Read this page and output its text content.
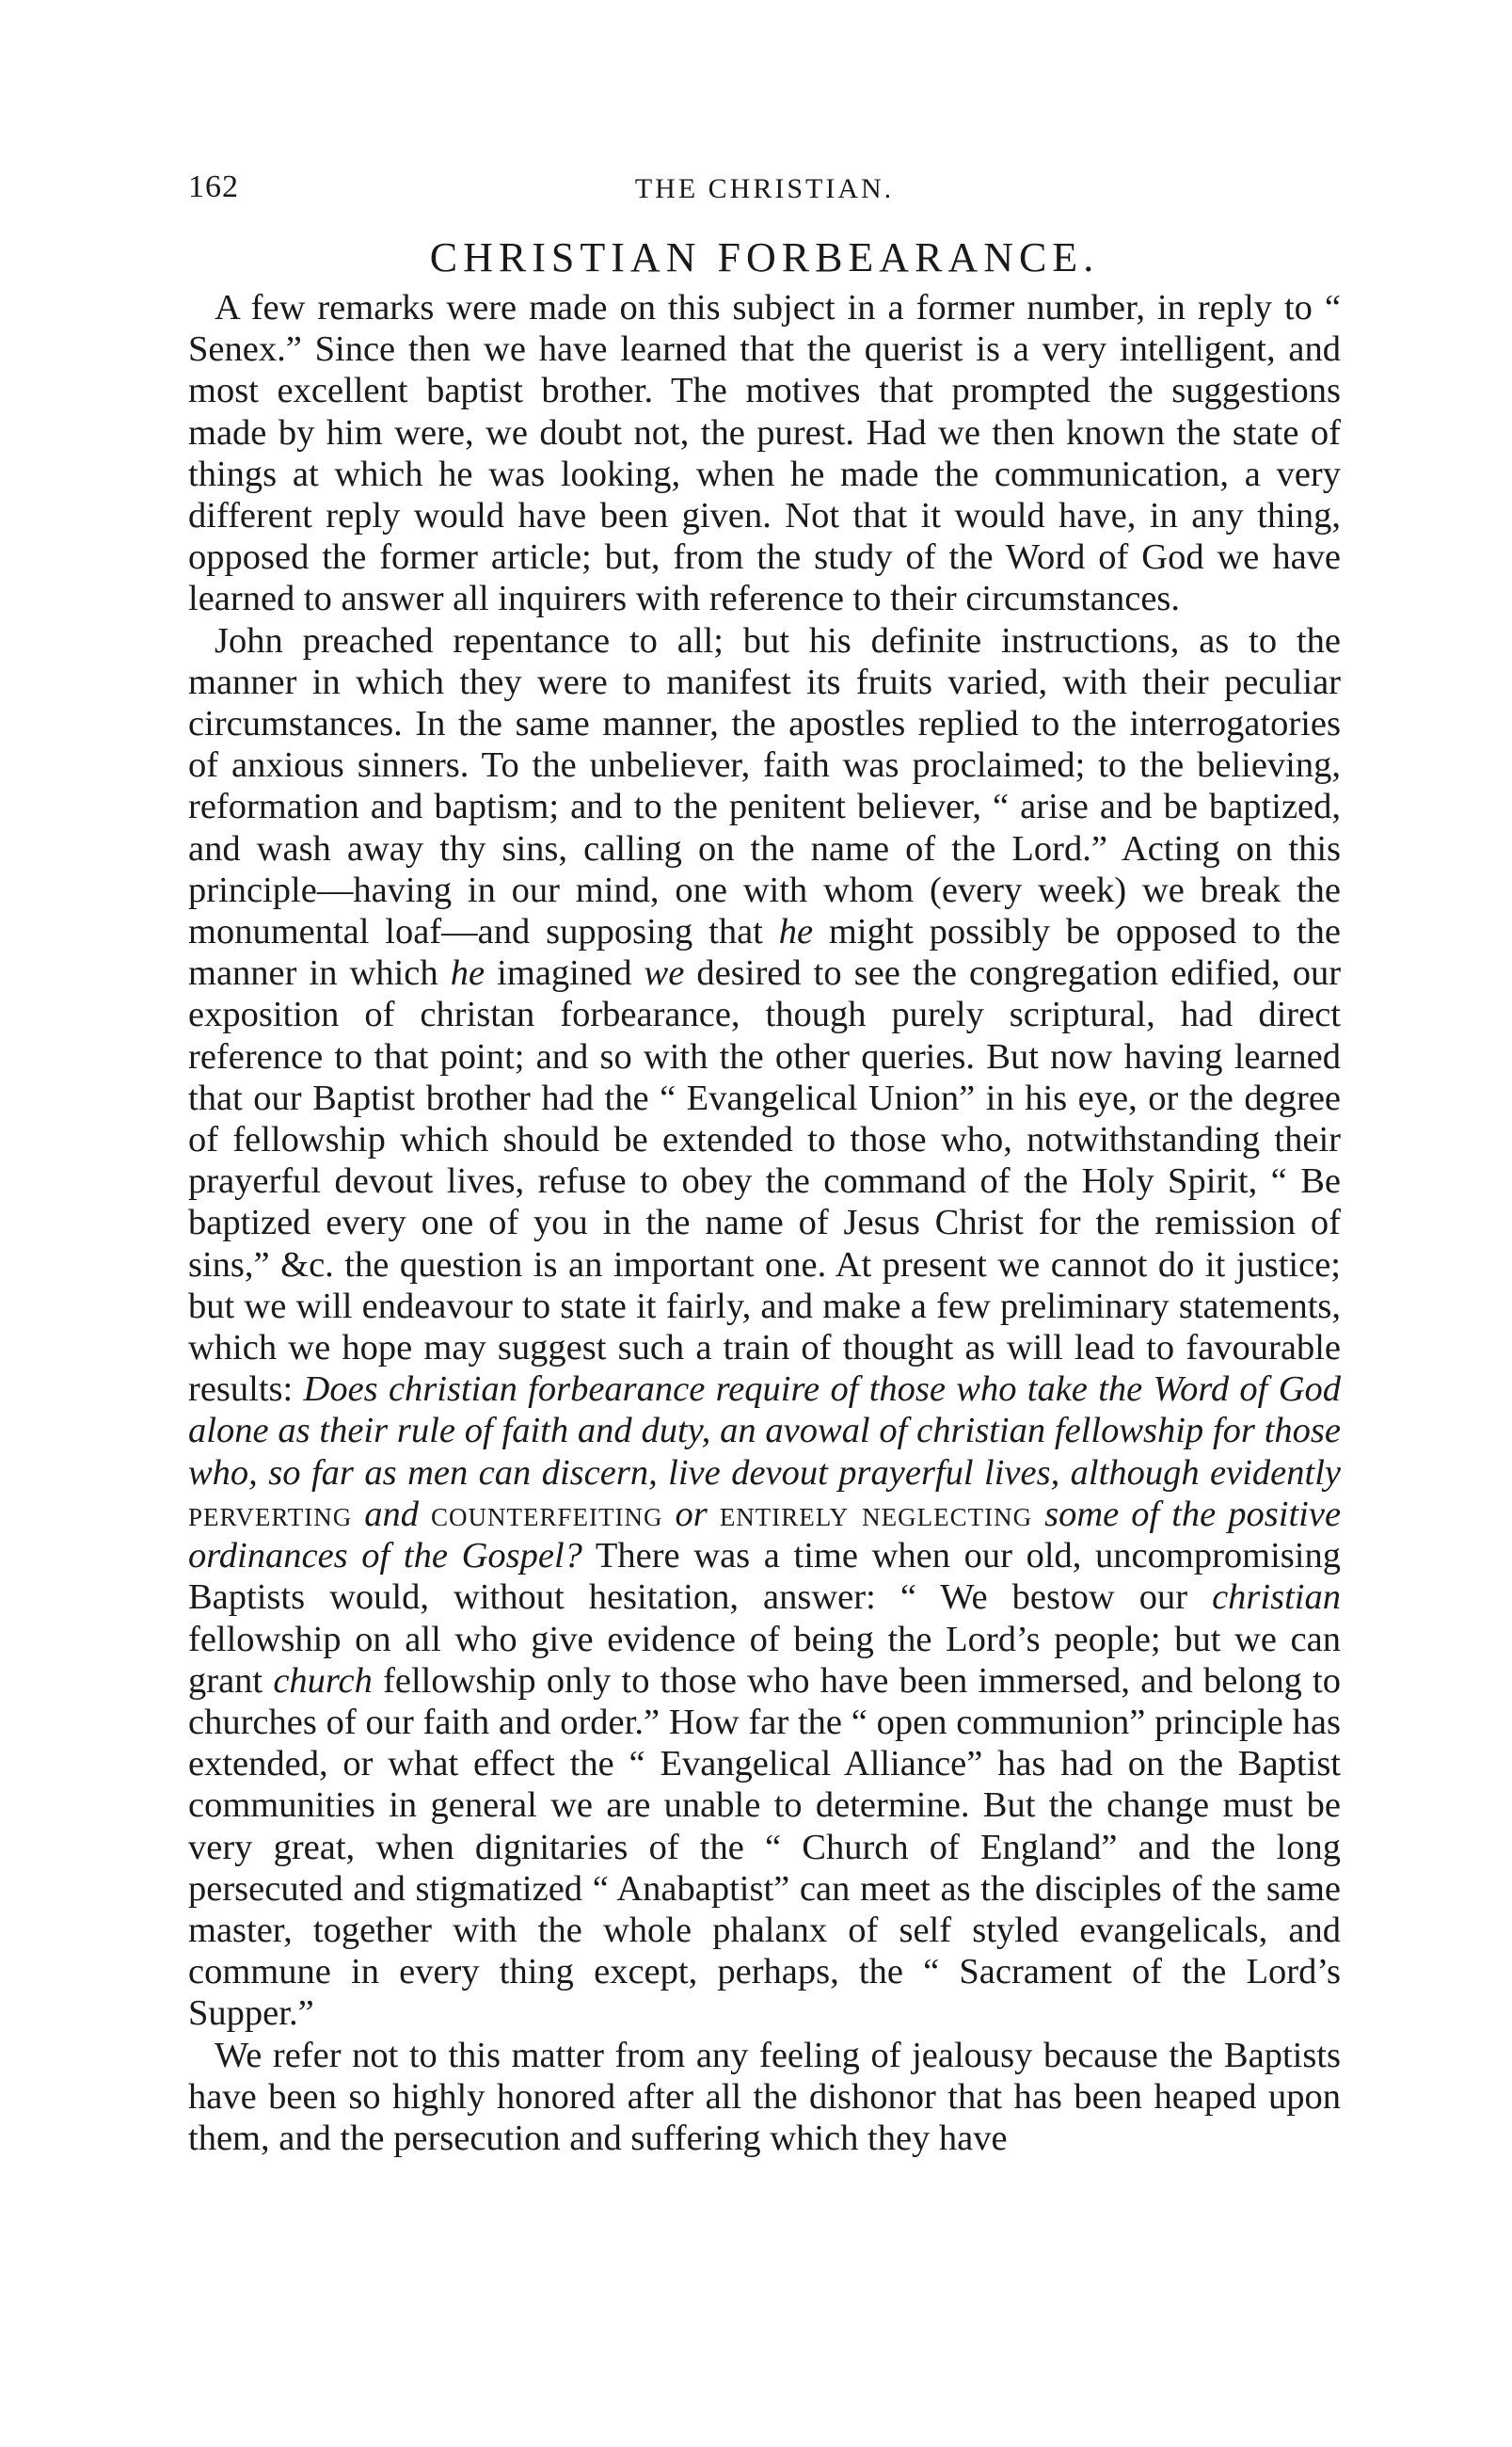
162	THE CHRISTIAN.
CHRISTIAN FORBEARANCE.

A few remarks were made on this subject in a former number, in reply to “ Senex.” Since then we have learned that the querist is a very intelligent, and most excellent baptist brother. The motives that prompted the suggestions made by him were, we doubt not, the purest. Had we then known the state of things at which he was looking, when he made the communication, a very different reply would have been given. Not that it would have, in any thing, opposed the former article; but, from the study of the Word of God we have learned to answer all inquirers with reference to their circumstances.

John preached repentance to all; but his definite instructions, as to the manner in which they were to manifest its fruits varied, with their peculiar circumstances. In the same manner, the apostles replied to the interrogatories of anxious sinners. To the unbeliever, faith was proclaimed; to the believing, reformation and baptism; and to the penitent believer, “ arise and be baptized, and wash away thy sins, calling on the name of the Lord.” Acting on this principle—having in our mind, one with whom (every week) we break the monumental loaf—and supposing that he might possibly be opposed to the manner in which he imagined we desired to see the congregation edified, our exposition of christan forbearance, though purely scriptural, had direct reference to that point; and so with the other queries. But now having learned that our Baptist brother had the “ Evangelical Union” in his eye, or the degree of fellowship which should be extended to those who, notwithstanding their prayerful devout lives, refuse to obey the command of the Holy Spirit, “ Be baptized every one of you in the name of Jesus Christ for the remission of sins,” &c. the question is an important one. At present we cannot do it justice; but we will endeavour to state it fairly, and make a few preliminary statements, which we hope may suggest such a train of thought as will lead to favourable results: Does christian forbearance require of those who take the Word of God alone as their rule of faith and duty, an avowal of christian fellowship for those who, so far as men can discern, live devout prayerful lives, although evidently perverting and counterfeiting or entirely neglecting some of the positive ordinances of the Gospel? There was a time when our old, uncompromising Baptists would, without hesitation, answer: “ We bestow our christian fellowship on all who give evidence of being the Lord’s people; but we can grant church fellowship only to those who have been immersed, and belong to churches of our faith and order.” How far the “ open communion” principle has extended, or what effect the “ Evangelical Alliance” has had on the Baptist communities in general we are unable to determine. But the change must be very great, when dignitaries of the “ Church of England” and the long persecuted and stigmatized “ Anabaptist” can meet as the disciples of the same master, together with the whole phalanx of self styled evangelicals, and commune in every thing except, perhaps, the “ Sacrament of the Lord’s Supper.”

We refer not to this matter from any feeling of jealousy because the Baptists have been so highly honored after all the dishonor that has been heaped upon them, and the persecution and suffering which they have
